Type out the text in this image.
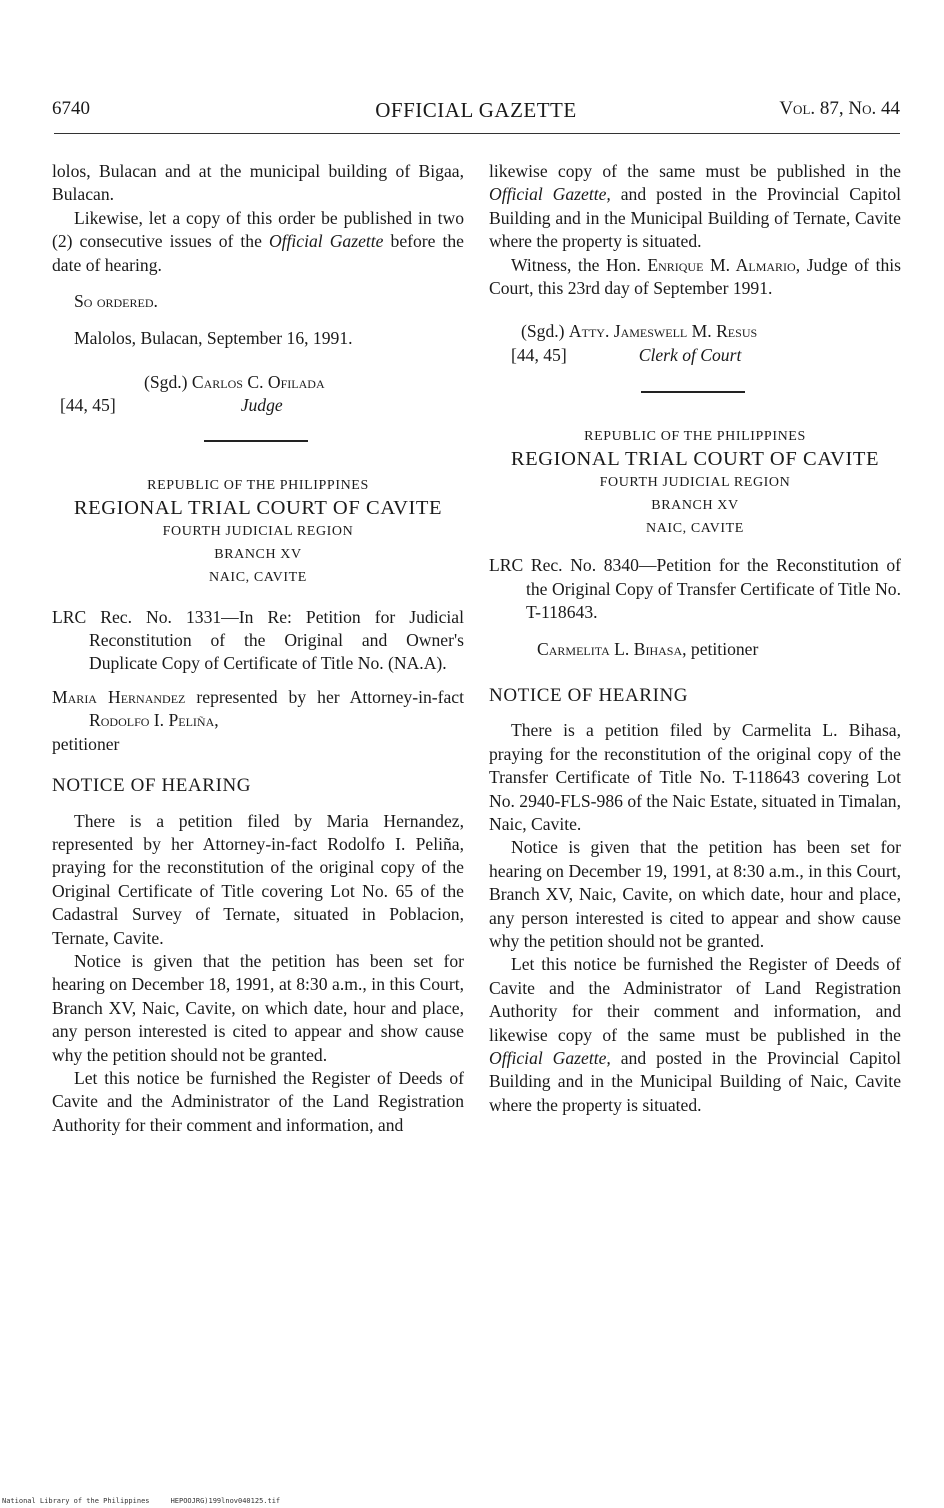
6740	OFFICIAL GAZETTE	Vol. 87, No. 44

lolos, Bulacan and at the municipal building of Bigaa, Bulacan.

Likewise, let a copy of this order be published in two (2) consecutive issues of the Official Gazette before the date of hearing.

So ordered.

Malolos, Bulacan, September 16, 1991.

(Sgd.) Carlos C. Ofilada
[44, 45]	Judge
REPUBLIC OF THE PHILIPPINES
REGIONAL TRIAL COURT OF CAVITE
FOURTH JUDICIAL REGION
BRANCH XV
NAIC, CAVITE

LRC Rec. No. 1331—In Re: Petition for Judicial Reconstitution of the Original and Owner's Duplicate Copy of Certificate of Title No. (NA.A).

Maria Hernandez represented by her Attorney-in-fact Rodolfo I. Peliña,

petitioner

NOTICE OF HEARING

There is a petition filed by Maria Hernandez, represented by her Attorney-in-fact Rodolfo I. Peliña, praying for the reconstitution of the original copy of the Original Certificate of Title covering Lot No. 65 of the Cadastral Survey of Ternate, situated in Poblacion, Ternate, Cavite.

Notice is given that the petition has been set for hearing on December 18, 1991, at 8:30 a.m., in this Court, Branch XV, Naic, Cavite, on which date, hour and place, any person interested is cited to appear and show cause why the petition should not be granted.

Let this notice be furnished the Register of Deeds of Cavite and the Administrator of the Land Registration Authority for their comment and information, and

likewise copy of the same must be published in the Official Gazette, and posted in the Provincial Capitol Building and in the Municipal Building of Ternate, Cavite where the property is situated.

Witness, the Hon. Enrique M. Almario, Judge of this Court, this 23rd day of September 1991.

(Sgd.) Atty. Jameswell M. Resus
[44, 45]	Clerk of Court
REPUBLIC OF THE PHILIPPINES
REGIONAL TRIAL COURT OF CAVITE
FOURTH JUDICIAL REGION
BRANCH XV
NAIC, CAVITE

LRC Rec. No. 8340—Petition for the Reconstitution of the Original Copy of Transfer Certificate of Title No. T-118643.

Carmelita L. Bihasa, petitioner

NOTICE OF HEARING

There is a petition filed by Carmelita L. Bihasa, praying for the reconstitution of the original copy of the Transfer Certificate of Title No. T-118643 covering Lot No. 2940-FLS-986 of the Naic Estate, situated in Timalan, Naic, Cavite.

Notice is given that the petition has been set for hearing on December 19, 1991, at 8:30 a.m., in this Court, Branch XV, Naic, Cavite, on which date, hour and place, any person interested is cited to appear and show cause why the petition should not be granted.

Let this notice be furnished the Register of Deeds of Cavite and the Administrator of Land Registration Authority for their comment and information, and likewise copy of the same must be published in the Official Gazette, and posted in the Provincial Capitol Building and in the Municipal Building of Naic, Cavite where the property is situated.

National Library of the Philippines     HEPOOJRG)199lnov040125.tif
